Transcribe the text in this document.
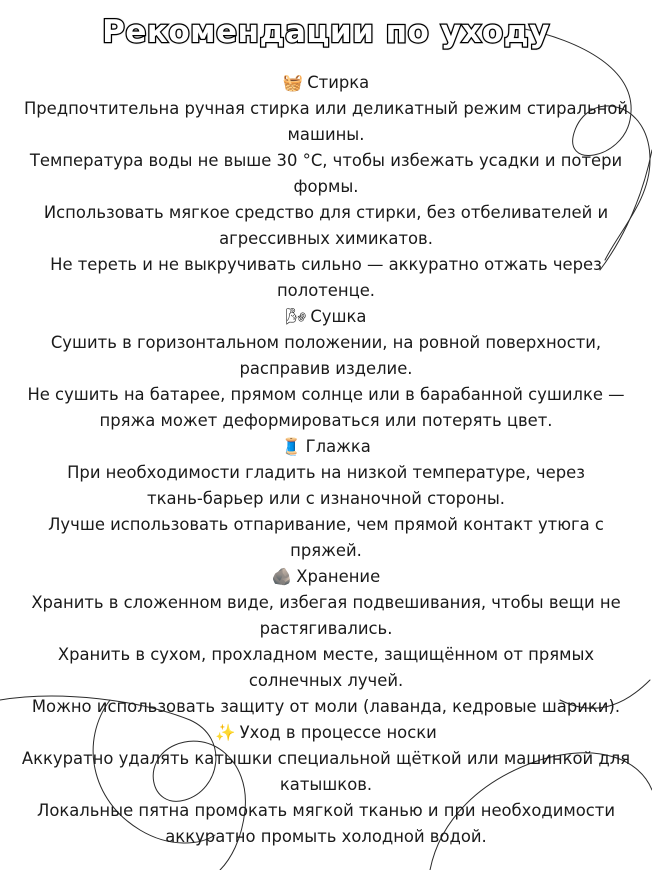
Рекомендации по уходу
🧺 Стирка
Предпочтительна ручная стирка или деликатный режим стиральной
машины.
Температура воды не выше 30 °C, чтобы избежать усадки и потери
формы.
Использовать мягкое средство для стирки, без отбеливателей и
агрессивных химикатов.
Не тереть и не выкручивать сильно — аккуратно отжать через
полотенце.
🌬 Сушка
Сушить в горизонтальном положении, на ровной поверхности,
расправив изделие.
Не сушить на батарее, прямом солнце или в барабанной сушилке —
пряжа может деформироваться или потерять цвет.
🧵 Глажка
При необходимости гладить на низкой температуре, через
ткань-барьер или с изнаночной стороны.
Лучше использовать отпаривание, чем прямой контакт утюга с
пряжей.
🪨 Хранение
Хранить в сложенном виде, избегая подвешивания, чтобы вещи не
растягивались.
Хранить в сухом, прохладном месте, защищённом от прямых
солнечных лучей.
Можно использовать защиту от моли (лаванда, кедровые шарики).
✨ Уход в процессе носки
Аккуратно удалять катышки специальной щёткой или машинкой для
катышков.
Локальные пятна промокать мягкой тканью и при необходимости
аккуратно промыть холодной водой.
